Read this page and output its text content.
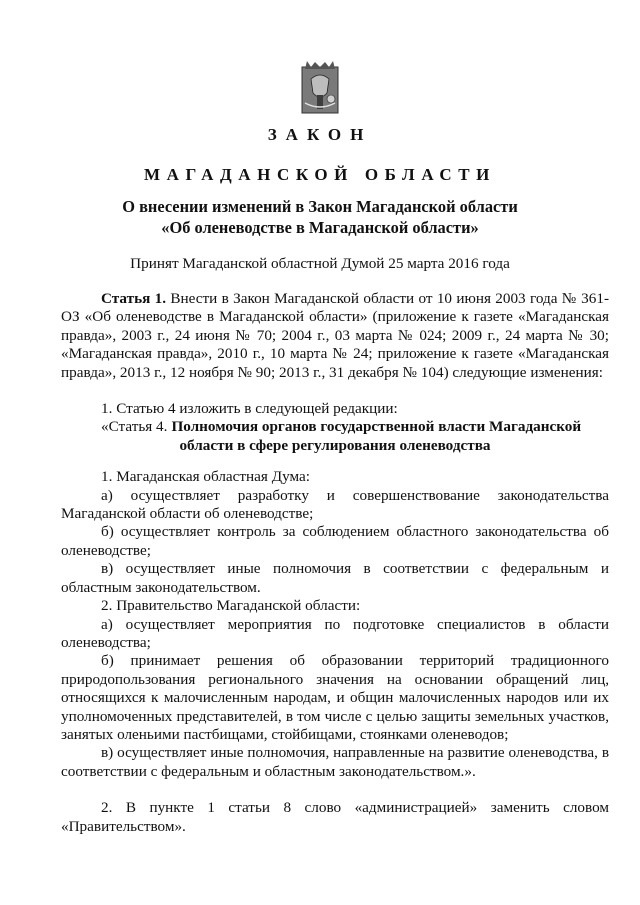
ЗАКОН
МАГАДАНСКОЙ ОБЛАСТИ
О внесении изменений в Закон Магаданской области
«Об оленеводстве в Магаданской области»
Принят Магаданской областной Думой 25 марта 2016 года

Статья 1. Внести в Закон Магаданской области от 10 июня 2003 года № 361-ОЗ «Об оленеводстве в Магаданской области» (приложение к газете «Магаданская правда», 2003 г., 24 июня № 70; 2004 г., 03 марта № 024; 2009 г., 24 марта № 30; «Магаданская правда», 2010 г., 10 марта № 24; приложение к газете «Магаданская правда», 2013 г., 12 ноября № 90; 2013 г., 31 декабря № 104) следующие изменения:

1. Статью 4 изложить в следующей редакции:

«Статья 4. Полномочия органов государственной власти Магаданской
области в сфере регулирования оленеводства

1. Магаданская областная Дума:

а) осуществляет разработку и совершенствование законодательства Магаданской области об оленеводстве;

б) осуществляет контроль за соблюдением областного законодательства об оленеводстве;

в) осуществляет иные полномочия в соответствии с федеральным и областным законодательством.

2. Правительство Магаданской области:

а) осуществляет мероприятия по подготовке специалистов в области оленеводства;

б) принимает решения об образовании территорий традиционного природопользования регионального значения на основании обращений лиц, относящихся к малочисленным народам, и общин малочисленных народов или их уполномоченных представителей, в том числе с целью защиты земельных участков, занятых оленьими пастбищами, стойбищами, стоянками оленеводов;

в) осуществляет иные полномочия, направленные на развитие оленеводства, в соответствии с федеральным и областным законодательством.».

2. В пункте 1 статьи 8 слово «администрацией» заменить словом «Правительством».
